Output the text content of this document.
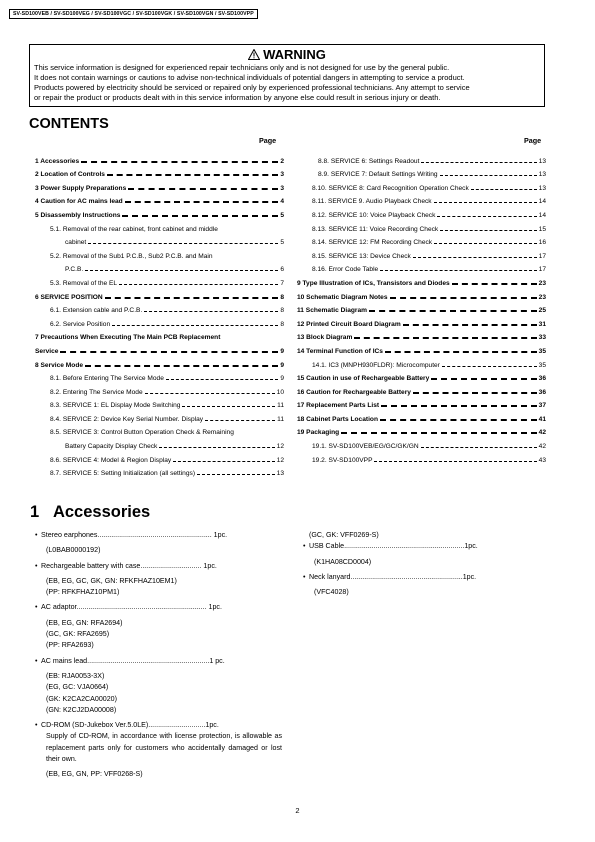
SV-SD100VEB / SV-SD100VEG / SV-SD100VGC / SV-SD100VGK / SV-SD100VGN / SV-SD100VPP
WARNING
This service information is designed for experienced repair technicians only and is not designed for use by the general public.
It does not contain warnings or cautions to advise non-technical individuals of potential dangers in attempting to service a product.
Products powered by electricity should be serviced or repaired only by experienced professional technicians. Any attempt to service
or repair the product or products dealt with in this service information by anyone else could result in serious injury or death.
CONTENTS
Page	Page
1 Accessories	2
2 Location of Controls	3
3 Power Supply Preparations	3
4 Caution for AC mains lead	4
5 Disassembly Instructions	5
5.1. Removal of the rear cabinet, front cabinet and middle
cabinet	5
5.2. Removal of the Sub1 P.C.B., Sub2 P.C.B. and Main
P.C.B.	6
5.3. Removal of the EL	7
6 SERVICE POSITION	8
6.1. Extension cable and P.C.B.	8
6.2. Service Position	8
7 Precautions When Executing The Main PCB Replacement
Service	9
8 Service Mode	9
8.1. Before Entering The Service Mode	9
8.2. Entering The Service Mode	10
8.3. SERVICE 1: EL Display Mode Switching	11
8.4. SERVICE 2: Device Key Serial Number. Display	11
8.5. SERVICE 3: Control Button Operation Check & Remaining
Battery Capacity Display Check	12
8.6. SERVICE 4: Model & Region Display	12
8.7. SERVICE 5: Setting Initialization (all settings)	13
8.8. SERVICE 6: Settings Readout	13
8.9. SERVICE 7: Default Settings Writing	13
8.10. SERVICE 8: Card Recognition Operation Check	13
8.11. SERVICE 9. Audio Playback Check	14
8.12. SERVICE 10: Voice Playback Check	14
8.13. SERVICE 11: Voice Recording Check	15
8.14. SERVICE 12: FM Recording Check	16
8.15. SERVICE 13: Device Check	17
8.16. Error Code Table	17
9 Type Illustration of ICs, Transistors and Diodes	23
10 Schematic Diagram Notes	23
11 Schematic Diagram	25
12 Printed Circuit Board Diagram	31
13 Block Diagram	33
14 Terminal Function of ICs	35
14.1. IC3 (MNPH930FLDR): Microcomputer	35
15 Caution in use of Rechargeable Battery	36
16 Caution for Rechargeable Battery	36
17 Replacement Parts List	37
18 Cabinet Parts Location	41
19 Packaging	42
19.1. SV-SD100VEB/EG/GC/GK/GN	42
19.2. SV-SD100VPP	43
1 Accessories
• Stereo earphones.......................................................... 1pc.
(L0BAB0000192)
• Rechargeable battery with case............................... 1pc.
(EB, EG, GC, GK, GN: RFKFHAZ10EM1)
(PP: RFKFHAZ10PM1)
• AC adaptor.................................................................. 1pc.
(EB, EG, GN: RFA2694)
(GC, GK: RFA2695)
(PP: RFA2693)
• AC mains lead..............................................................1 pc.
(EB: RJA0053-3X)
(EG, GC: VJA0664)
(GK: K2CA2CA00020)
(GN: K2CJ2DA00008)
• CD-ROM (SD-Jukebox Ver.5.0LE).............................1pc.
Supply of CD-ROM, in accordance with license protection, is allowable as replacement parts only for customers who accidentally damaged or lost their own.
(EB, EG, GN, PP: VFF0268-S)
(GC, GK: VFF0269-S)
• USB Cable.............................................................1pc.
(K1HA08CD0004)
• Neck lanyard.........................................................1pc.
(VFC4028)
2
